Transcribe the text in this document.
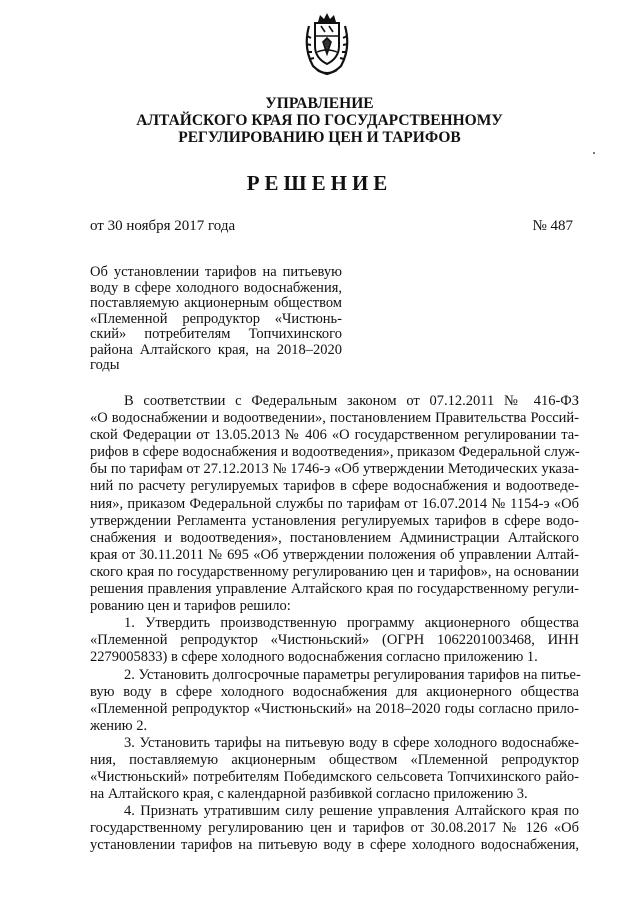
УПРАВЛЕНИЕ
АЛТАЙСКОГО КРАЯ ПО ГОСУДАРСТВЕННОМУ
РЕГУЛИРОВАНИЮ ЦЕН И ТАРИФОВ
РЕШЕНИЕ
от 30 ноября 2017 года	№ 487
Об установлении тарифов на питьевую
воду в сфере холодного водоснабжения,
поставляемую акционерным обществом
«Племенной репродуктор «Чистюнь-
ский» потребителям Топчихинского
района Алтайского края, на 2018–2020
годы
В соответствии с Федеральным законом от 07.12.2011 № 416-ФЗ
«О водоснабжении и водоотведении», постановлением Правительства Россий-
ской Федерации от 13.05.2013 № 406 «О государственном регулировании та-
рифов в сфере водоснабжения и водоотведения», приказом Федеральной служ-
бы по тарифам от 27.12.2013 № 1746-э «Об утверждении Методических указа-
ний по расчету регулируемых тарифов в сфере водоснабжения и водоотведе-
ния», приказом Федеральной службы по тарифам от 16.07.2014 № 1154-э «Об
утверждении Регламента установления регулируемых тарифов в сфере водо-
снабжения и водоотведения», постановлением Администрации Алтайского
края от 30.11.2011 № 695 «Об утверждении положения об управлении Алтай-
ского края по государственному регулированию цен и тарифов», на основании
решения правления управление Алтайского края по государственному регули-
рованию цен и тарифов решило:
1. Утвердить производственную программу акционерного общества
«Племенной репродуктор «Чистюньский» (ОГРН 1062201003468, ИНН
2279005833) в сфере холодного водоснабжения согласно приложению 1.
2. Установить долгосрочные параметры регулирования тарифов на питье-
вую воду в сфере холодного водоснабжения для акционерного общества
«Племенной репродуктор «Чистюньский» на 2018–2020 годы согласно прило-
жению 2.
3. Установить тарифы на питьевую воду в сфере холодного водоснабже-
ния, поставляемую акционерным обществом «Племенной репродуктор
«Чистюньский» потребителям Победимского сельсовета Топчихинского райо-
на Алтайского края, с календарной разбивкой согласно приложению 3.
4. Признать утратившим силу решение управления Алтайского края по
государственному регулированию цен и тарифов от 30.08.2017 № 126 «Об
установлении тарифов на питьевую воду в сфере холодного водоснабжения,
